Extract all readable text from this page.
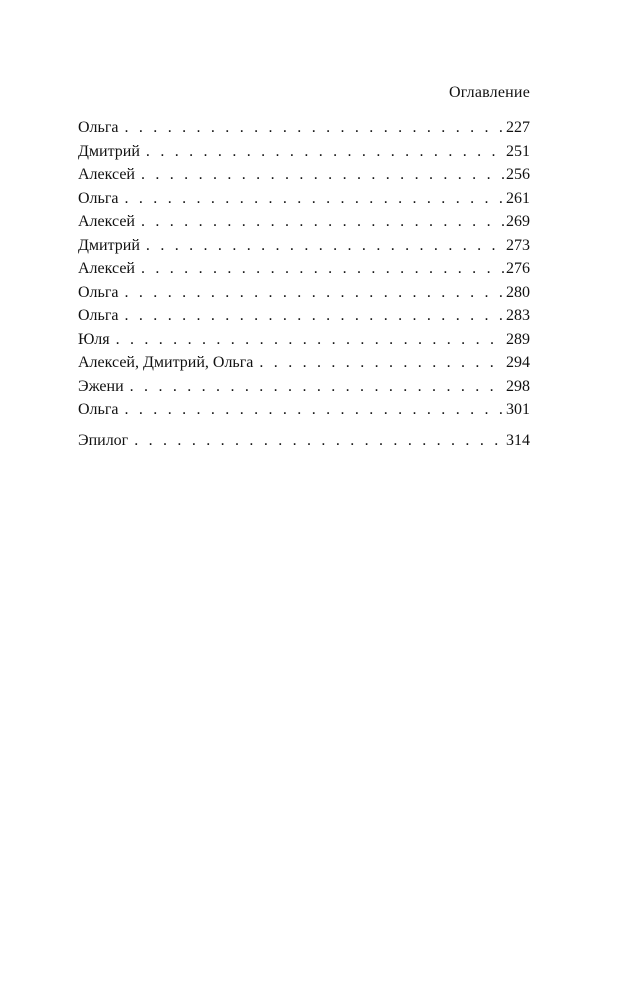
Оглавление
Ольга . . .	227
Дмитрий . . .	251
Алексей . . .	256
Ольга . . .	261
Алексей . . .	269
Дмитрий . . .	273
Алексей . . .	276
Ольга . . .	280
Ольга . . .	283
Юля . . .	289
Алексей, Дмитрий, Ольга . . .	294
Эжени . . .	298
Ольга . . .	301
Эпилог . . .	314
